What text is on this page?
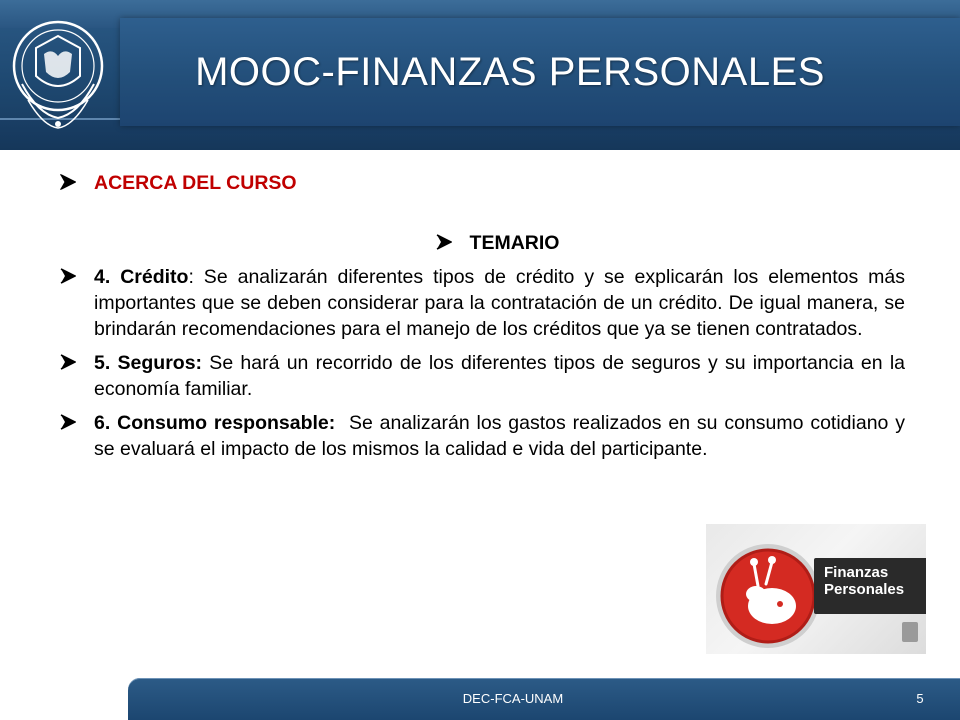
MOOC-FINANZAS PERSONALES
ACERCA DEL CURSO
TEMARIO
4. Crédito: Se analizarán diferentes tipos de crédito y se explicarán los elementos más importantes que se deben considerar para la contratación de un crédito. De igual manera, se brindarán recomendaciones para el manejo de los créditos que ya se tienen contratados.
5. Seguros: Se hará un recorrido de los diferentes tipos de seguros y su importancia en la economía familiar.
6. Consumo responsable:  Se analizarán los gastos realizados en su consumo cotidiano y se evaluará el impacto de los mismos la calidad e vida del participante.
Finanzas
Personales
DEC-FCA-UNAM	5
